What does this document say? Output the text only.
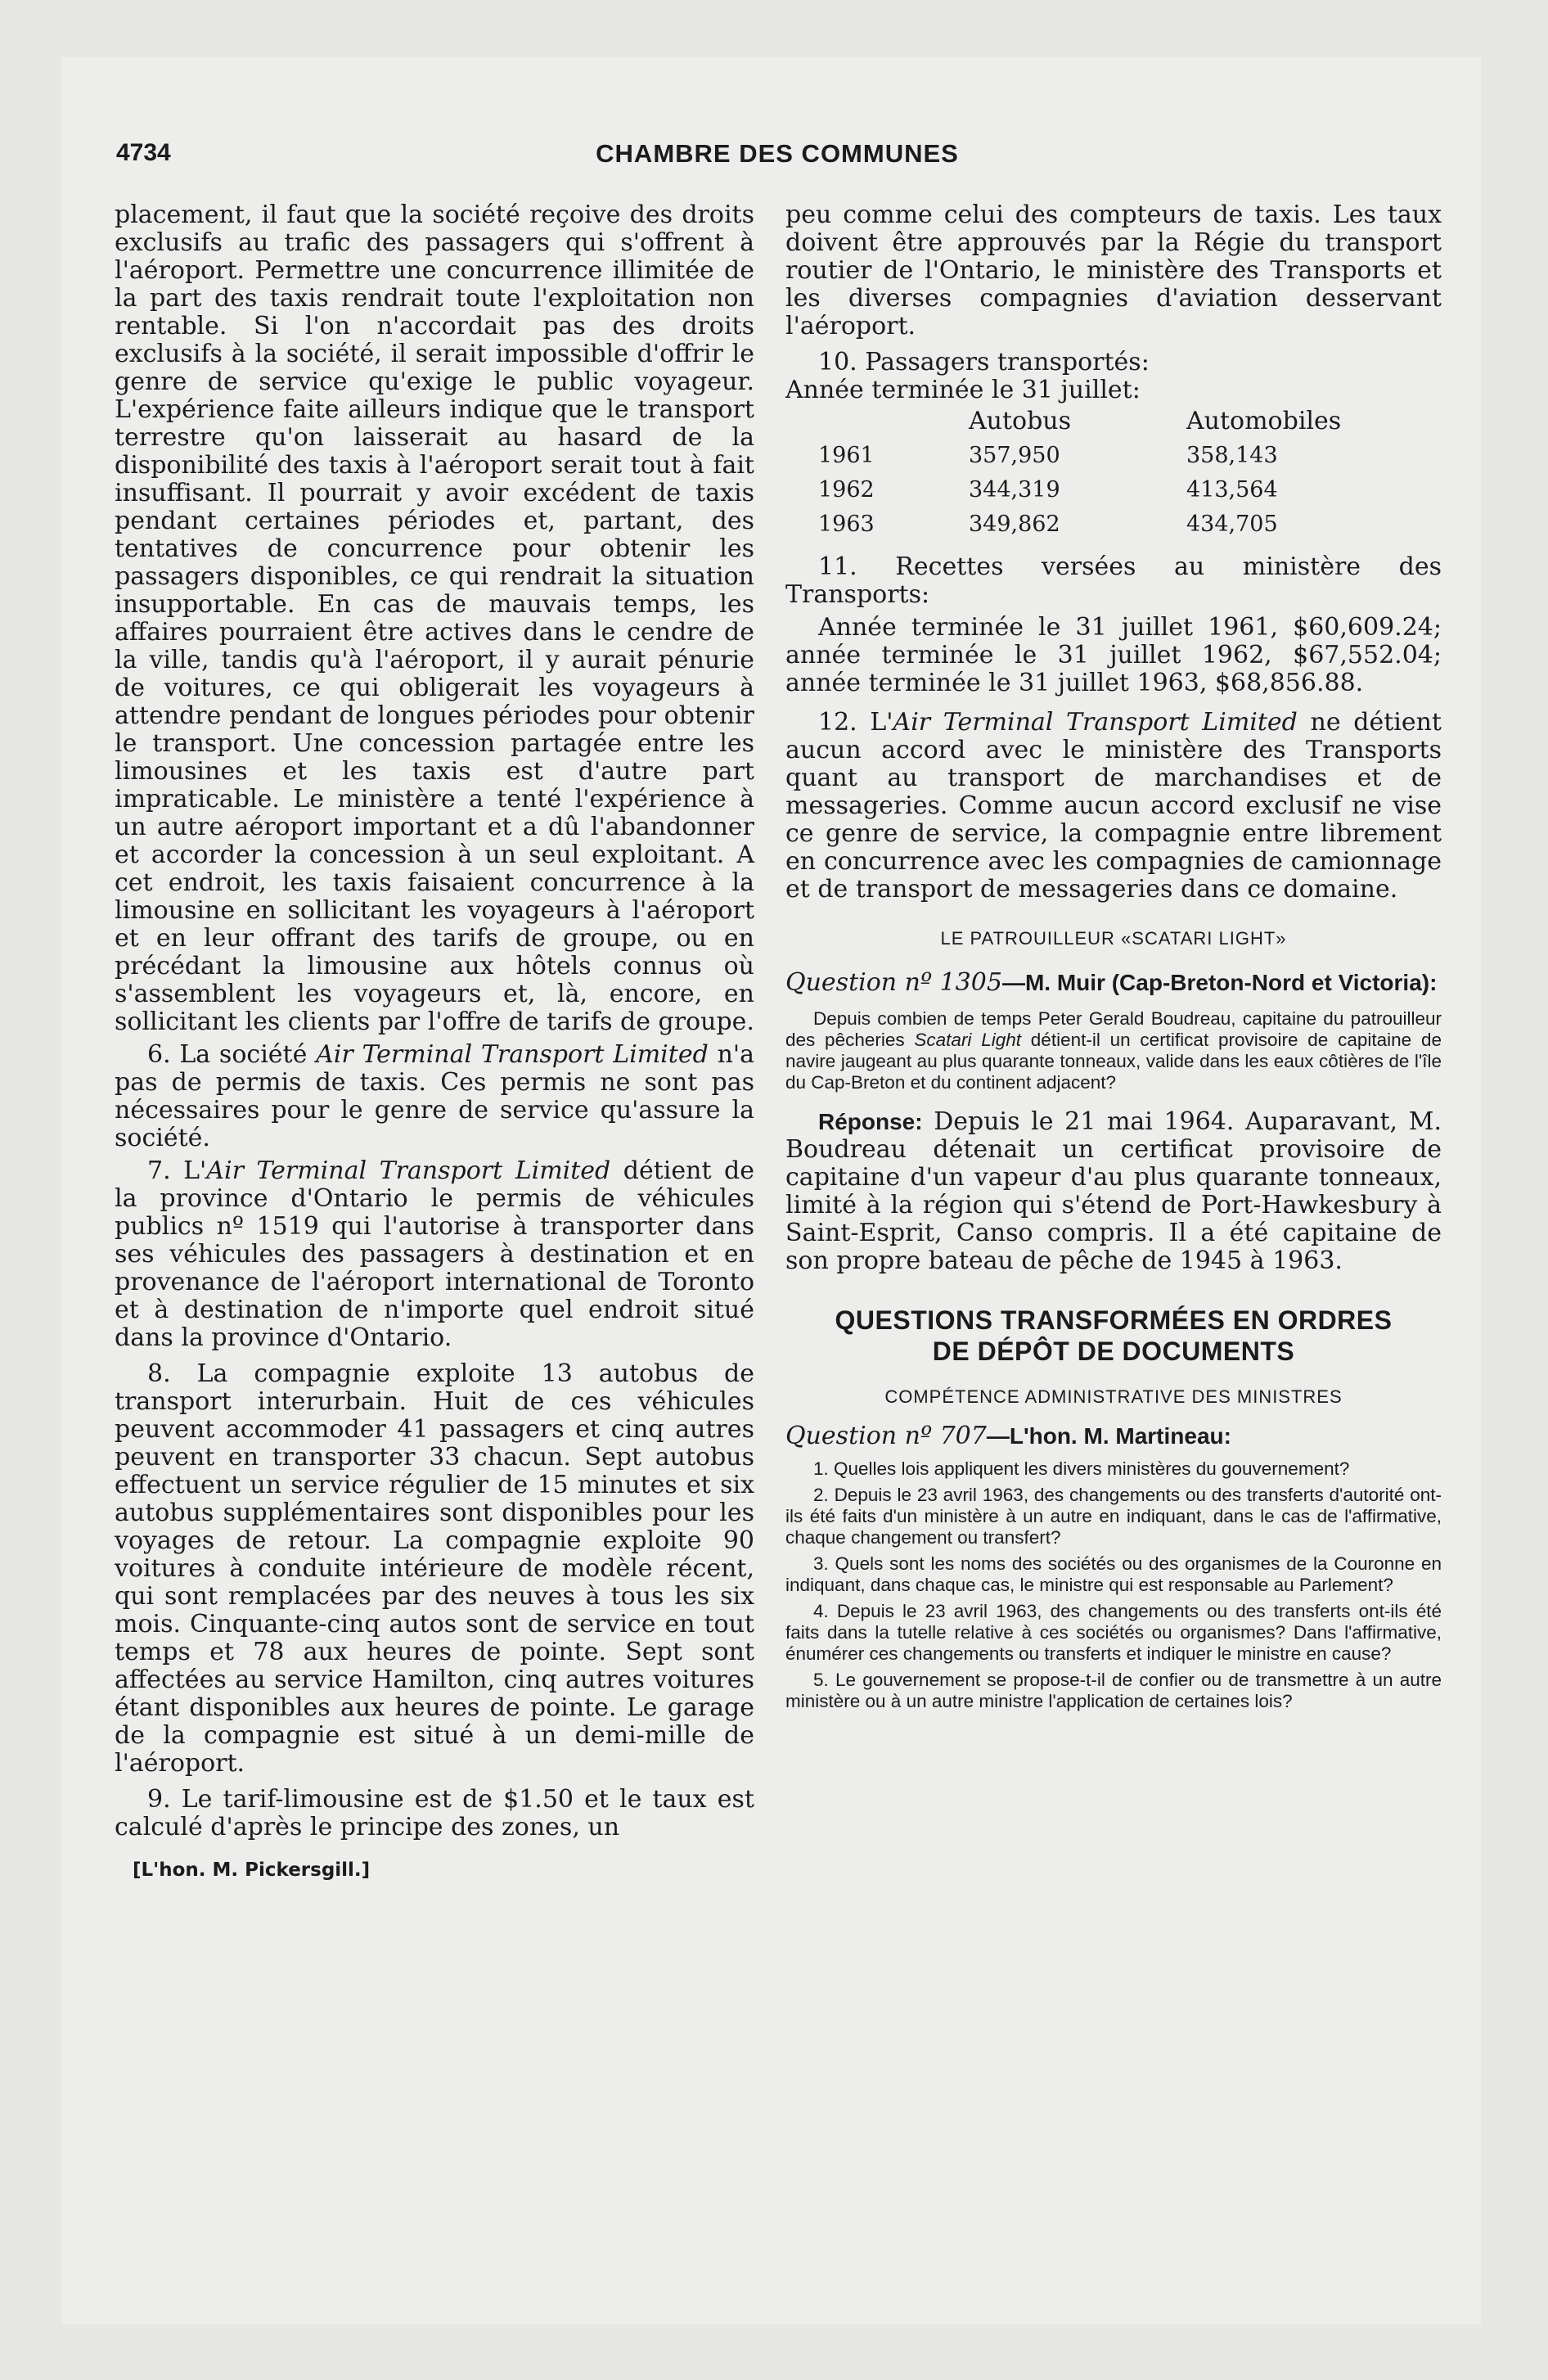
4734	CHAMBRE DES COMMUNES

placement, il faut que la société reçoive des droits exclusifs au trafic des passagers qui s'offrent à l'aéroport. Permettre une concurrence illimitée de la part des taxis rendrait toute l'exploitation non rentable. Si l'on n'accordait pas des droits exclusifs à la société, il serait impossible d'offrir le genre de service qu'exige le public voyageur. L'expérience faite ailleurs indique que le transport terrestre qu'on laisserait au hasard de la disponibilité des taxis à l'aéroport serait tout à fait insuffisant. Il pourrait y avoir excédent de taxis pendant certaines périodes et, partant, des tentatives de concurrence pour obtenir les passagers disponibles, ce qui rendrait la situation insupportable. En cas de mauvais temps, les affaires pourraient être actives dans le cendre de la ville, tandis qu'à l'aéroport, il y aurait pénurie de voitures, ce qui obligerait les voyageurs à attendre pendant de longues périodes pour obtenir le transport. Une concession partagée entre les limousines et les taxis est d'autre part impraticable. Le ministère a tenté l'expérience à un autre aéroport important et a dû l'abandonner et accorder la concession à un seul exploitant. A cet endroit, les taxis faisaient concurrence à la limousine en sollicitant les voyageurs à l'aéroport et en leur offrant des tarifs de groupe, ou en précédant la limousine aux hôtels connus où s'assemblent les voyageurs et, là, encore, en sollicitant les clients par l'offre de tarifs de groupe.

6. La société Air Terminal Transport Limited n'a pas de permis de taxis. Ces permis ne sont pas nécessaires pour le genre de service qu'assure la société.

7. L'Air Terminal Transport Limited détient de la province d'Ontario le permis de véhicules publics nº 1519 qui l'autorise à transporter dans ses véhicules des passagers à destination et en provenance de l'aéroport international de Toronto et à destination de n'importe quel endroit situé dans la province d'Ontario.

8. La compagnie exploite 13 autobus de transport interurbain. Huit de ces véhicules peuvent accommoder 41 passagers et cinq autres peuvent en transporter 33 chacun. Sept autobus effectuent un service régulier de 15 minutes et six autobus supplémentaires sont disponibles pour les voyages de retour. La compagnie exploite 90 voitures à conduite intérieure de modèle récent, qui sont remplacées par des neuves à tous les six mois. Cinquante-cinq autos sont de service en tout temps et 78 aux heures de pointe. Sept sont affectées au service Hamilton, cinq autres voitures étant disponibles aux heures de pointe. Le garage de la compagnie est situé à un demi-mille de l'aéroport.

9. Le tarif-limousine est de $1.50 et le taux est calculé d'après le principe des zones, un

[L'hon. M. Pickersgill.]

peu comme celui des compteurs de taxis. Les taux doivent être approuvés par la Régie du transport routier de l'Ontario, le ministère des Transports et les diverses compagnies d'aviation desservant l'aéroport.

10. Passagers transportés:

Année terminée le 31 juillet:

	Autobus	Automobiles
1961	357,950	358,143
1962	344,319	413,564
1963	349,862	434,705

11. Recettes versées au ministère des Transports:

Année terminée le 31 juillet 1961, $60,609.24; année terminée le 31 juillet 1962, $67,552.04; année terminée le 31 juillet 1963, $68,856.88.

12. L'Air Terminal Transport Limited ne détient aucun accord avec le ministère des Transports quant au transport de marchandises et de messageries. Comme aucun accord exclusif ne vise ce genre de service, la compagnie entre librement en concurrence avec les compagnies de camionnage et de transport de messageries dans ce domaine.

LE PATROUILLEUR «SCATARI LIGHT»

Question nº 1305—M. Muir (Cap-Breton-Nord et Victoria):

Depuis combien de temps Peter Gerald Boudreau, capitaine du patrouilleur des pêcheries Scatari Light détient-il un certificat provisoire de capitaine de navire jaugeant au plus quarante tonneaux, valide dans les eaux côtières de l'île du Cap-Breton et du continent adjacent?

Réponse: Depuis le 21 mai 1964. Auparavant, M. Boudreau détenait un certificat provisoire de capitaine d'un vapeur d'au plus quarante tonneaux, limité à la région qui s'étend de Port-Hawkesbury à Saint-Esprit, Canso compris. Il a été capitaine de son propre bateau de pêche de 1945 à 1963.

QUESTIONS TRANSFORMÉES EN ORDRES
DE DÉPÔT DE DOCUMENTS
COMPÉTENCE ADMINISTRATIVE DES MINISTRES

Question nº 707—L'hon. M. Martineau:

1. Quelles lois appliquent les divers ministères du gouvernement?

2. Depuis le 23 avril 1963, des changements ou des transferts d'autorité ont-ils été faits d'un ministère à un autre en indiquant, dans le cas de l'affirmative, chaque changement ou transfert?

3. Quels sont les noms des sociétés ou des organismes de la Couronne en indiquant, dans chaque cas, le ministre qui est responsable au Parlement?

4. Depuis le 23 avril 1963, des changements ou des transferts ont-ils été faits dans la tutelle relative à ces sociétés ou organismes? Dans l'affirmative, énumérer ces changements ou transferts et indiquer le ministre en cause?

5. Le gouvernement se propose-t-il de confier ou de transmettre à un autre ministère ou à un autre ministre l'application de certaines lois?
